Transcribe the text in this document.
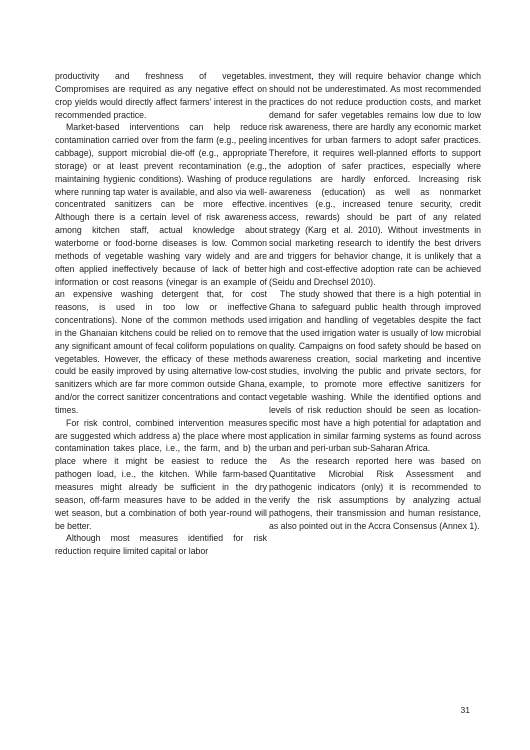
productivity and freshness of vegetables. Compromises are required as any negative effect on crop yields would directly affect farmers' interest in the recommended practice.

Market-based interventions can help reduce contamination carried over from the farm (e.g., peeling cabbage), support microbial die-off (e.g., appropriate storage) or at least prevent recontamination (e.g., maintaining hygienic conditions). Washing of produce where running tap water is available, and also via well-concentrated sanitizers can be more effective. Although there is a certain level of risk awareness among kitchen staff, actual knowledge about waterborne or food-borne diseases is low. Common methods of vegetable washing vary widely and are often applied ineffectively because of lack of better information or cost reasons (vinegar is an example of an expensive washing detergent that, for cost reasons, is used in too low or ineffective concentrations). None of the common methods used in the Ghanaian kitchens could be relied on to remove any significant amount of fecal coliform populations on vegetables. However, the efficacy of these methods could be easily improved by using alternative low-cost sanitizers which are far more common outside Ghana, and/or the correct sanitizer concentrations and contact times.

For risk control, combined intervention measures are suggested which address a) the place where most contamination takes place, i.e., the farm, and b) the place where it might be easiest to reduce the pathogen load, i.e., the kitchen. While farm-based measures might already be sufficient in the dry season, off-farm measures have to be added in the wet season, but a combination of both year-round will be better.

Although most measures identified for risk reduction require limited capital or labor

investment, they will require behavior change which should not be underestimated. As most recommended practices do not reduce production costs, and market demand for safer vegetables remains low due to low risk awareness, there are hardly any economic market incentives for urban farmers to adopt safer practices. Therefore, it requires well-planned efforts to support the adoption of safer practices, especially where regulations are hardly enforced. Increasing risk awareness (education) as well as nonmarket incentives (e.g., increased tenure security, credit access, rewards) should be part of any related strategy (Karg et al. 2010). Without investments in social marketing research to identify the best drivers and triggers for behavior change, it is unlikely that a high and cost-effective adoption rate can be achieved (Seidu and Drechsel 2010).

The study showed that there is a high potential in Ghana to safeguard public health through improved irrigation and handling of vegetables despite the fact that the used irrigation water is usually of low microbial quality. Campaigns on food safety should be based on awareness creation, social marketing and incentive studies, involving the public and private sectors, for example, to promote more effective sanitizers for vegetable washing. While the identified options and levels of risk reduction should be seen as location-specific most have a high potential for adaptation and application in similar farming systems as found across urban and peri-urban sub-Saharan Africa.

As the research reported here was based on Quantitative Microbial Risk Assessment and pathogenic indicators (only) it is recommended to verify the risk assumptions by analyzing actual pathogens, their transmission and human resistance, as also pointed out in the Accra Consensus (Annex 1).

31
